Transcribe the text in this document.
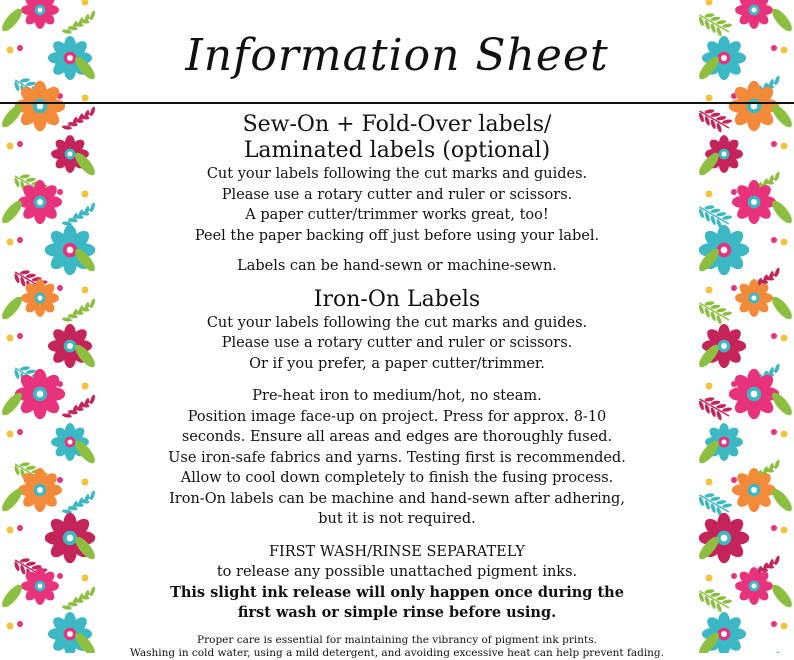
Information Sheet

Sew-On + Fold-Over labels/

Laminated labels (optional)

Cut your labels following the cut marks and guides.

Please use a rotary cutter and ruler or scissors.

A paper cutter/trimmer works great, too!

Peel the paper backing off just before using your label.

Labels can be hand-sewn or machine-sewn.

Iron-On Labels

Cut your labels following the cut marks and guides.

Please use a rotary cutter and ruler or scissors.

Or if you prefer, a paper cutter/trimmer.

Pre-heat iron to medium/hot, no steam.

Position image face-up on project. Press for approx. 8-10

seconds. Ensure all areas and edges are thoroughly fused.

Use iron-safe fabrics and yarns. Testing first is recommended.

Allow to cool down completely to finish the fusing process.

Iron-On labels can be machine and hand-sewn after adhering,

but it is not required.

FIRST WASH/RINSE SEPARATELY

to release any possible unattached pigment inks.

This slight ink release will only happen once during the

first wash or simple rinse before using.

Proper care is essential for maintaining the vibrancy of pigment ink prints.

Washing in cold water, using a mild detergent, and avoiding excessive heat can help prevent fading.
